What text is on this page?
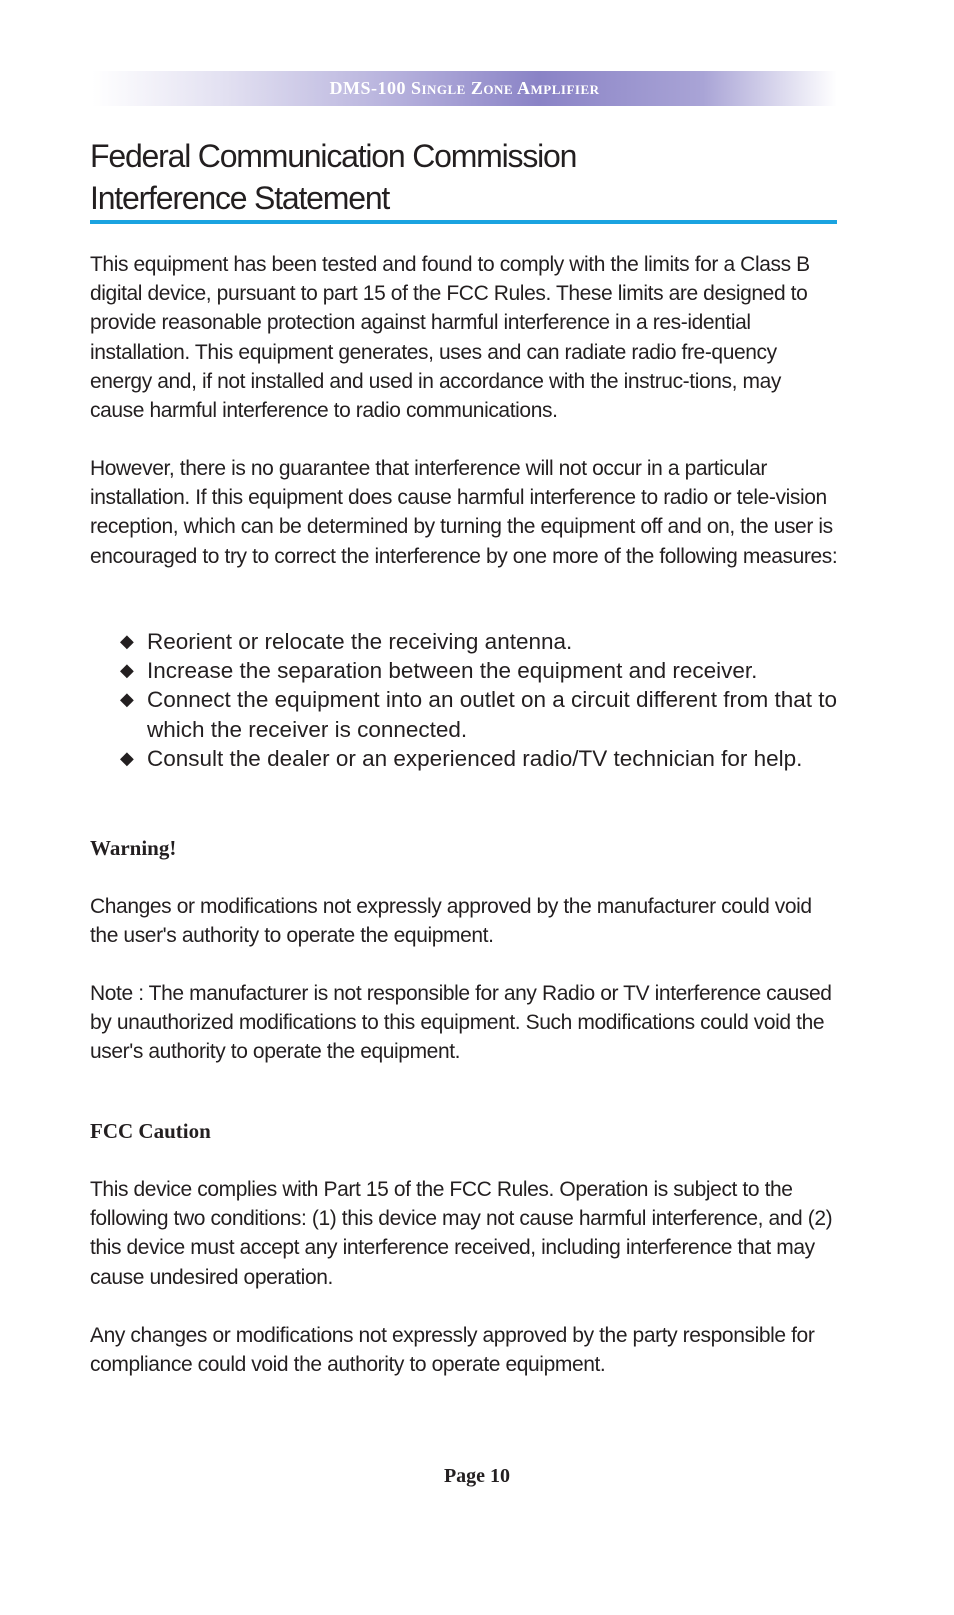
DMS-100 Single Zone Amplifier
Federal Communication Commission
Interference Statement

This equipment has been tested and found to comply with the limits for a Class B digital device, pursuant to part 15 of the FCC Rules. These limits are designed to provide reasonable protection against harmful interference in a res-idential installation. This equipment generates, uses and can radiate radio fre-quency energy and, if not installed and used in accordance with the instruc-tions, may cause harmful interference to radio communications.

However, there is no guarantee that interference will not occur in a particular installation. If this equipment does cause harmful interference to radio or tele-vision reception, which can be determined by turning the equipment off and on, the user is encouraged to try to correct the interference by one more of the following measures:

◆ Reorient or relocate the receiving antenna.
◆ Increase the separation between the equipment and receiver.
◆ Connect the equipment into an outlet on a circuit different from that to which the receiver is connected.
◆ Consult the dealer or an experienced radio/TV technician for help.
Warning!

Changes or modifications not expressly approved by the manufacturer could void the user's authority to operate the equipment.

Note : The manufacturer is not responsible for any Radio or TV interference caused by unauthorized modifications to this equipment. Such modifications could void the user's authority to operate the equipment.

FCC Caution

This device complies with Part 15 of the FCC Rules. Operation is subject to the following two conditions: (1) this device may not cause harmful interference, and (2) this device must accept any interference received, including interference that may cause undesired operation.

Any changes or modifications not expressly approved by the party responsible for compliance could void the authority to operate equipment.

Page 10
